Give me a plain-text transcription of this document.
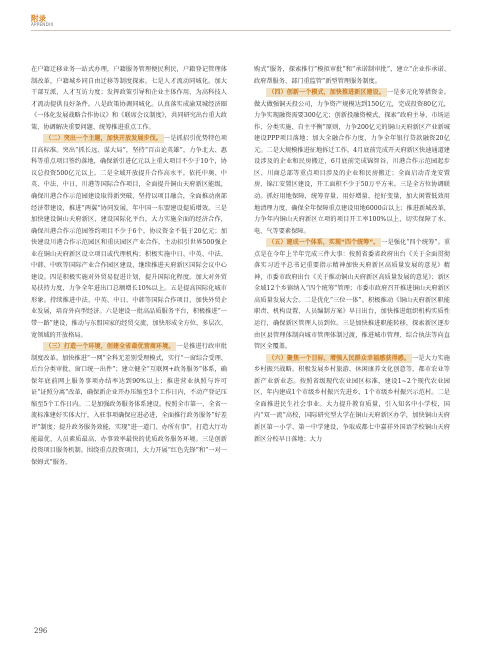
附录
APPENDIX

在户籍迁移业务一站式办理，户籍服务管理便民利民，户籍登记管理体制改革，户籍城乡同自由迁移等制度探索。七是人才流动同城化。加大干部互派、人才互访力度；发挥政策引导和企业主体作用，为高科技人才流动提供良好条件。八是政策协调同城化。认真落实成渝双城经济圈《一体化发展战略合作协议》和《联席会议制度》，共同研究出台重大政策、协调解决重要问题、统筹推进重点工作。

（二）突出一个主题，加快开放发展步伐。 一是抓招引优势特色项目高标准。突出“抓长远、谋大局”，坚持“百亩论英雄”，力争北大、惠科等重点项目签约落地，确保新引进亿元以上重大项目不少于10个，协议总投资500亿元以上。二是全域开放提升合作高水平。依托中奥、中英、中法、中日、川港等国际合作项目，全面提升铜山天府新区能级，确保川港合作示范园建设取得新突破，坚持以项目融合，全面推动南部经济带建设，推进“两翼”协同发展，年中国一东盟建设提质增效。三是加快建设铜山天府新区，建设国际化平台，大力实施全面的经济合作，确保川港合作示范园签约项目不少于6个，协议资金不低于20亿元；加快建设川港合作示范园区和重庆园区产业合作，主动招引世界500强企业在铜山天府新区设立项目或代理机构；积极实施中日、中英、中法、中韩、中欧等国际产业合作园区建设，继续推进天府新区国际会议中心建设。四是积极实施对外贸易促进计划，提升国际化程度。加大对外贸易扶持力度，力争全年进出口总额增长10%以上。五是提高国际化城市形象。持续推进中法、中英、中日、中韩等国际合作项目，加快外贸企业发展，培育外向型经济。六是建设一批高品质服务平台，积极推进“一带一路”建设，推动与东盟国家的经贸交流，加快形成全方位、多层次、宽领域的开放格局。

（三）打造一个环境，创建全省最优营商环境。 一是推进行政审批制度改革。加快推进“一网”全科无差别受理模式，实行“一窗综合受理、后台分类审批、窗口统一出件”；建立健全“互联网+政务服务”体系，确保年底前网上服务事项办结率达到90%以上；推进营业执照与许可证“证照分离”改革，确保新企业开办压缩至3个工作日内，不动产登记压缩至5个工作日内。二是加强政务服务体系建设。按照全市第一、全省一流标准建好实体大厅，入驻事项确保应进必进，全面推行政务服务“好差评”制度；提升政务服务效能，实现“进一道门、办所有事”，打造大厅功能最优、人员素质最高、办事效率最快的优质政务服务环境。三是创新投资项目服务机制。围绕重点投资项目，大力开展“红色先锋”和“一对一保姆式”服务。

购式”服务，探索推行“模拟审批”和“承诺制审批”，建立“企业作承诺、政府帮服务、部门重监管”新型管理服务制度。

（四）创新一个模式，加快推进新区建设。 一是多元化筹措资金。做大做强铜天投公司，力争资产规模达到150亿元，完成投资80亿元，力争实现融资需要300亿元；创新投融资模式，探索“政府主导、市场运作、分类实施、自主平衡”原则，力争200亿元的铜山天府新区产业新城建设PPP项目落地；加大全融合作力度，力争全年银行贷款融资20亿元。二是大规模推进征地拆迁工作。4月底前完成开天府新区快速通道建设涉及的企业和民房搬迁，6月底前完成锦智谷、川港合作示范园起步区、川商总部等重点项目涉及的企业和民房搬迁；全面启动青龙安置房、锦江安置区建设，开工面积不少于50万平方米。三是全方位协调联动。抓好用地保障，统筹存量、用好增量、挖好变量，加大闲置低效用地清理力度，确保全年保障重点建设用地6000亩以上；推进新城改革，力争年内铜山天府新区立项的项目开工率100%以上，切实保障了水、电、气等要素保障。

（五）建成一个体系，实现“四个统筹”。 一是强化“四个统筹”。重点是在今年上半年完成三件大事：按照省委省政府出台《关于全面贯彻落实习近平总书记重要指示精神加快天府新区高质量发展的意见》精神，市委市政府出台《关于推动铜山天府新区高质量发展的意见》；新区全域12个乡镇纳入“四个统筹”管理；市委市政府召开推进铜山天府新区高质量发展大会。二是优化“三位一体”。积极推动《铜山天府新区职能职责、机构设置、人员编制方案》早日出台，加快推进组织机构实质性运行，确保新区管理人员到位。三是加快推进职能转移，探索新区逐步由区县管理体制向城市管理体制过渡，推进城市管理、综合执法等向直管区全覆盖。

（六）聚焦一个目标，增强人民群众幸福感获得感。 一是大力实施乡村振兴战略。积极发展乡村旅游、休闲康养文化创意等，都市农业等新产业新业态。按照省级现代农业园区标准，建设1~2个现代农业园区，年内建成1个市级乡村振兴先进乡、1个市级乡村振兴示范村。二是全面推进民生社会事业。大力提升教育质量，引入知名中小学校，国内“双一流”高校，国际研究型大学在铜山天府新区办学，加快铜山天府新区第一小学、第一中学建设，争取成都七中嘉祥外国语学校铜山天府新区分校早日落地；大力

296
